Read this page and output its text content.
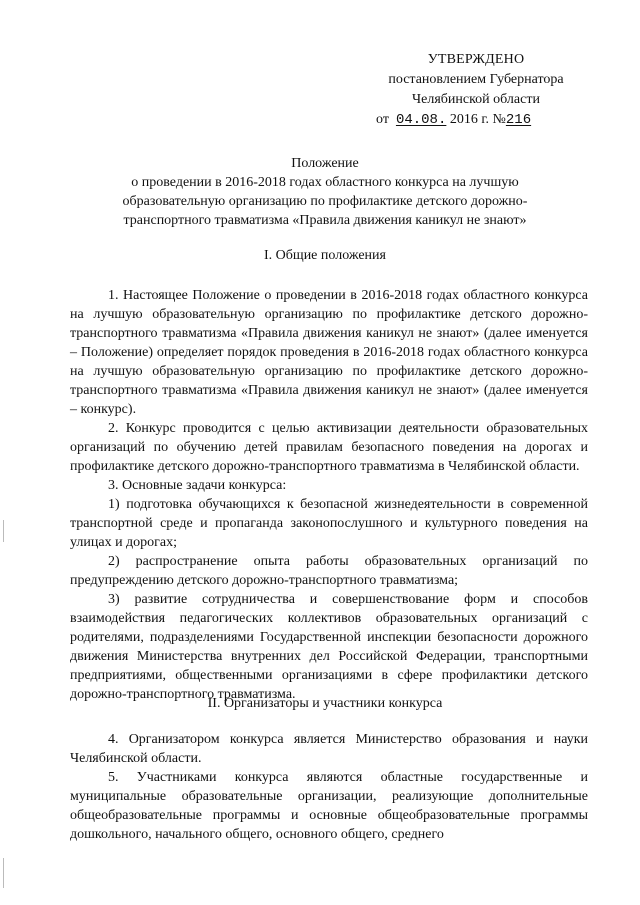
УТВЕРЖДЕНО
постановлением Губернатора
Челябинской области
от 04.08. 2016 г. №216
Положение
о проведении в 2016-2018 годах областного конкурса на лучшую
образовательную организацию по профилактике детского дорожно-
транспортного травматизма «Правила движения каникул не знают»
I. Общие положения

1. Настоящее Положение о проведении в 2016-2018 годах областного конкурса на лучшую образовательную организацию по профилактике детского дорожно-транспортного травматизма «Правила движения каникул не знают» (далее именуется – Положение) определяет порядок проведения в 2016-2018 годах областного конкурса на лучшую образовательную организацию по профилактике детского дорожно-транспортного травматизма «Правила движения каникул не знают» (далее именуется – конкурс).

2. Конкурс проводится с целью активизации деятельности образовательных организаций по обучению детей правилам безопасного поведения на дорогах и профилактике детского дорожно-транспортного травматизма в Челябинской области.

3. Основные задачи конкурса:

1) подготовка обучающихся к безопасной жизнедеятельности в современной транспортной среде и пропаганда законопослушного и культурного поведения на улицах и дорогах;

2) распространение опыта работы образовательных организаций по предупреждению детского дорожно-транспортного травматизма;

3) развитие сотрудничества и совершенствование форм и способов взаимодействия педагогических коллективов образовательных организаций с родителями, подразделениями Государственной инспекции безопасности дорожного движения Министерства внутренних дел Российской Федерации, транспортными предприятиями, общественными организациями в сфере профилактики детского дорожно-транспортного травматизма.

II. Организаторы и участники конкурса

4. Организатором конкурса является Министерство образования и науки Челябинской области.

5. Участниками конкурса являются областные государственные и муниципальные образовательные организации, реализующие дополнительные общеобразовательные программы и основные общеобразовательные программы дошкольного, начального общего, основного общего, среднего
